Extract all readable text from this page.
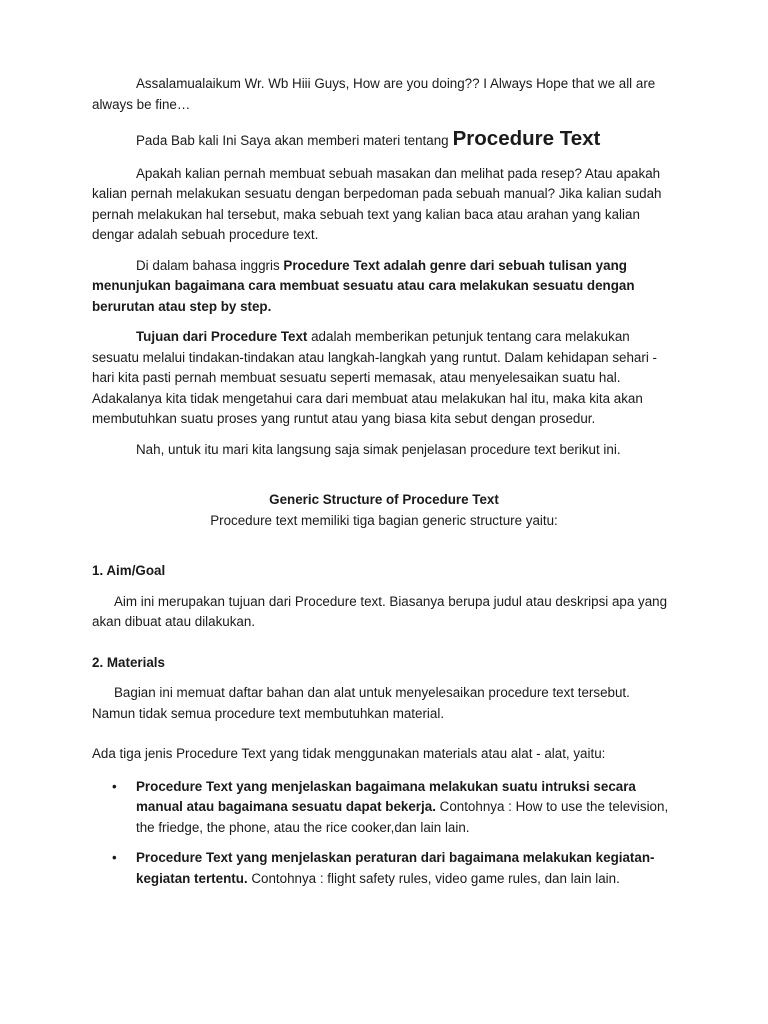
Assalamualaikum Wr. Wb Hiii Guys, How are you doing?? I Always Hope that we all are always be fine…

Pada Bab kali Ini Saya akan memberi materi tentang Procedure Text

Apakah kalian pernah membuat sebuah masakan dan melihat pada resep? Atau apakah kalian pernah melakukan sesuatu dengan berpedoman pada sebuah manual? Jika kalian sudah pernah melakukan hal tersebut, maka sebuah text yang kalian baca atau arahan yang kalian dengar adalah sebuah procedure text.

Di dalam bahasa inggris Procedure Text adalah genre dari sebuah tulisan yang menunjukan bagaimana cara membuat sesuatu atau cara melakukan sesuatu dengan berurutan atau step by step.

Tujuan dari Procedure Text adalah memberikan petunjuk tentang cara melakukan sesuatu melalui tindakan-tindakan atau langkah-langkah yang runtut. Dalam kehidapan sehari - hari kita pasti pernah membuat sesuatu seperti memasak, atau menyelesaikan suatu hal. Adakalanya kita tidak mengetahui cara dari membuat atau melakukan hal itu, maka kita akan membutuhkan suatu proses yang runtut atau yang biasa kita sebut dengan prosedur.

Nah, untuk itu mari kita langsung saja simak penjelasan procedure text berikut ini.

Generic Structure of Procedure Text

Procedure text memiliki tiga bagian generic structure yaitu:

1. Aim/Goal

Aim ini merupakan tujuan dari Procedure text. Biasanya berupa judul atau deskripsi apa yang akan dibuat atau dilakukan.

2. Materials

Bagian ini memuat daftar bahan dan alat untuk menyelesaikan procedure text tersebut. Namun tidak semua procedure text membutuhkan material.

Ada tiga jenis Procedure Text yang tidak menggunakan materials atau alat - alat, yaitu:

• Procedure Text yang menjelaskan bagaimana melakukan suatu intruksi secara manual atau bagaimana sesuatu dapat bekerja. Contohnya : How to use the television, the friedge, the phone, atau the rice cooker,dan lain lain.
• Procedure Text yang menjelaskan peraturan dari bagaimana melakukan kegiatan-kegiatan tertentu. Contohnya : flight safety rules, video game rules, dan lain lain.
